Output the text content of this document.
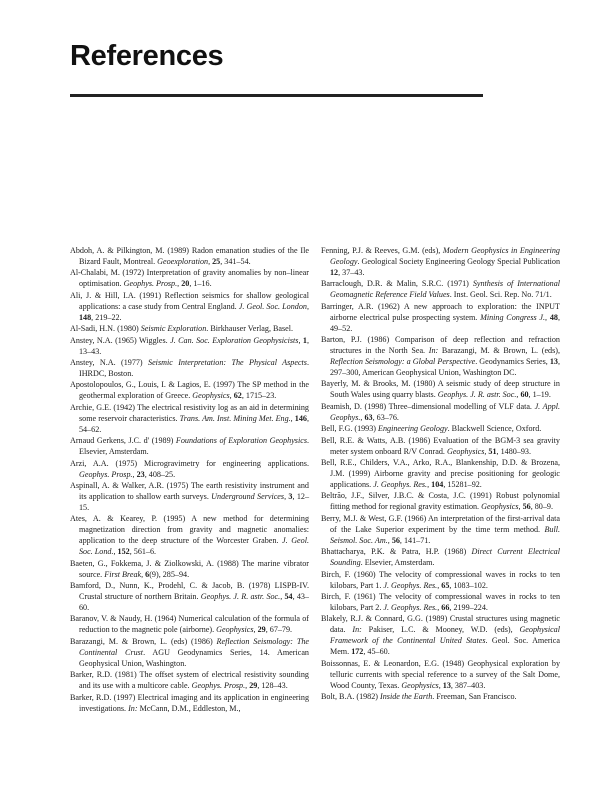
References

Abdoh, A. & Pilkington, M. (1989) Radon emanation studies of the Ile Bizard Fault, Montreal. Geoexploration, 25, 341–54.

Al-Chalabi, M. (1972) Interpretation of gravity anomalies by non–linear optimisation. Geophys. Prosp., 20, 1–16.

Ali, J. & Hill, I.A. (1991) Reflection seismics for shallow geological applications: a case study from Central England. J. Geol. Soc. London, 148, 219–22.

Al-Sadi, H.N. (1980) Seismic Exploration. Birkhauser Verlag, Basel.

Anstey, N.A. (1965) Wiggles. J. Can. Soc. Exploration Geophysicists, 1, 13–43.

Anstey, N.A. (1977) Seismic Interpretation: The Physical Aspects. IHRDC, Boston.

Apostolopoulos, G., Louis, I. & Lagios, E. (1997) The SP method in the geothermal exploration of Greece. Geophysics, 62, 1715–23.

Archie, G.E. (1942) The electrical resistivity log as an aid in determining some reservoir characteristics. Trans. Am. Inst. Mining Met. Eng., 146, 54–62.

Arnaud Gerkens, J.C. d' (1989) Foundations of Exploration Geophysics. Elsevier, Amsterdam.

Arzi, A.A. (1975) Microgravimetry for engineering applications. Geophys. Prosp., 23, 408–25.

Aspinall, A. & Walker, A.R. (1975) The earth resistivity instrument and its application to shallow earth surveys. Underground Services, 3, 12–15.

Ates, A. & Kearey, P. (1995) A new method for determining magnetization direction from gravity and magnetic anomalies: application to the deep structure of the Worcester Graben. J. Geol. Soc. Lond., 152, 561–6.

Baeten, G., Fokkema, J. & Ziolkowski, A. (1988) The marine vibrator source. First Break, 6(9), 285–94.

Bamford, D., Nunn, K., Prodehl, C. & Jacob, B. (1978) LISPB-IV. Crustal structure of northern Britain. Geophys. J. R. astr. Soc., 54, 43–60.

Baranov, V. & Naudy, H. (1964) Numerical calculation of the formula of reduction to the magnetic pole (airborne). Geophysics, 29, 67–79.

Barazangi, M. & Brown, L. (eds) (1986) Reflection Seismology: The Continental Crust. AGU Geodynamics Series, 14. American Geophysical Union, Washington.

Barker, R.D. (1981) The offset system of electrical resistivity sounding and its use with a multicore cable. Geophys. Prosp., 29, 128–43.

Barker, R.D. (1997) Electrical imaging and its application in engineering investigations. In: McCann, D.M., Eddleston, M.,

Fenning, P.J. & Reeves, G.M. (eds), Modern Geophysics in Engineering Geology. Geological Society Engineering Geology Special Publication 12, 37–43.

Barraclough, D.R. & Malin, S.R.C. (1971) Synthesis of International Geomagnetic Reference Field Values. Inst. Geol. Sci. Rep. No. 71/1.

Barringer, A.R. (1962) A new approach to exploration: the INPUT airborne electrical pulse prospecting system. Mining Congress J., 48, 49–52.

Barton, P.J. (1986) Comparison of deep reflection and refraction structures in the North Sea. In: Barazangi, M. & Brown, L. (eds), Reflection Seismology: a Global Perspective. Geodynamics Series, 13, 297–300, American Geophysical Union, Washington DC.

Bayerly, M. & Brooks, M. (1980) A seismic study of deep structure in South Wales using quarry blasts. Geophys. J. R. astr. Soc., 60, 1–19.

Beamish, D. (1998) Three–dimensional modelling of VLF data. J. Appl. Geophys., 63, 63–76.

Bell, F.G. (1993) Engineering Geology. Blackwell Science, Oxford.

Bell, R.E. & Watts, A.B. (1986) Evaluation of the BGM-3 sea gravity meter system onboard R/V Conrad. Geophysics, 51, 1480–93.

Bell, R.E., Childers, V.A., Arko, R.A., Blankenship, D.D. & Brozena, J.M. (1999) Airborne gravity and precise positioning for geologic applications. J. Geophys. Res., 104, 15281–92.

Beltrão, J.F., Silver, J.B.C. & Costa, J.C. (1991) Robust polynomial fitting method for regional gravity estimation. Geophysics, 56, 80–9.

Berry, M.J. & West, G.F. (1966) An interpretation of the first-arrival data of the Lake Superior experiment by the time term method. Bull. Seismol. Soc. Am., 56, 141–71.

Bhattacharya, P.K. & Patra, H.P. (1968) Direct Current Electrical Sounding. Elsevier, Amsterdam.

Birch, F. (1960) The velocity of compressional waves in rocks to ten kilobars, Part 1. J. Geophys. Res., 65, 1083–102.

Birch, F. (1961) The velocity of compressional waves in rocks to ten kilobars, Part 2. J. Geophys. Res., 66, 2199–224.

Blakely, R.J. & Connard, G.G. (1989) Crustal structures using magnetic data. In: Pakiser, L.C. & Mooney, W.D. (eds), Geophysical Framework of the Continental United States. Geol. Soc. America Mem. 172, 45–60.

Boissonnas, E. & Leonardon, E.G. (1948) Geophysical exploration by telluric currents with special reference to a survey of the Salt Dome, Wood County, Texas. Geophysics, 13, 387–403.

Bolt, B.A. (1982) Inside the Earth. Freeman, San Francisco.
